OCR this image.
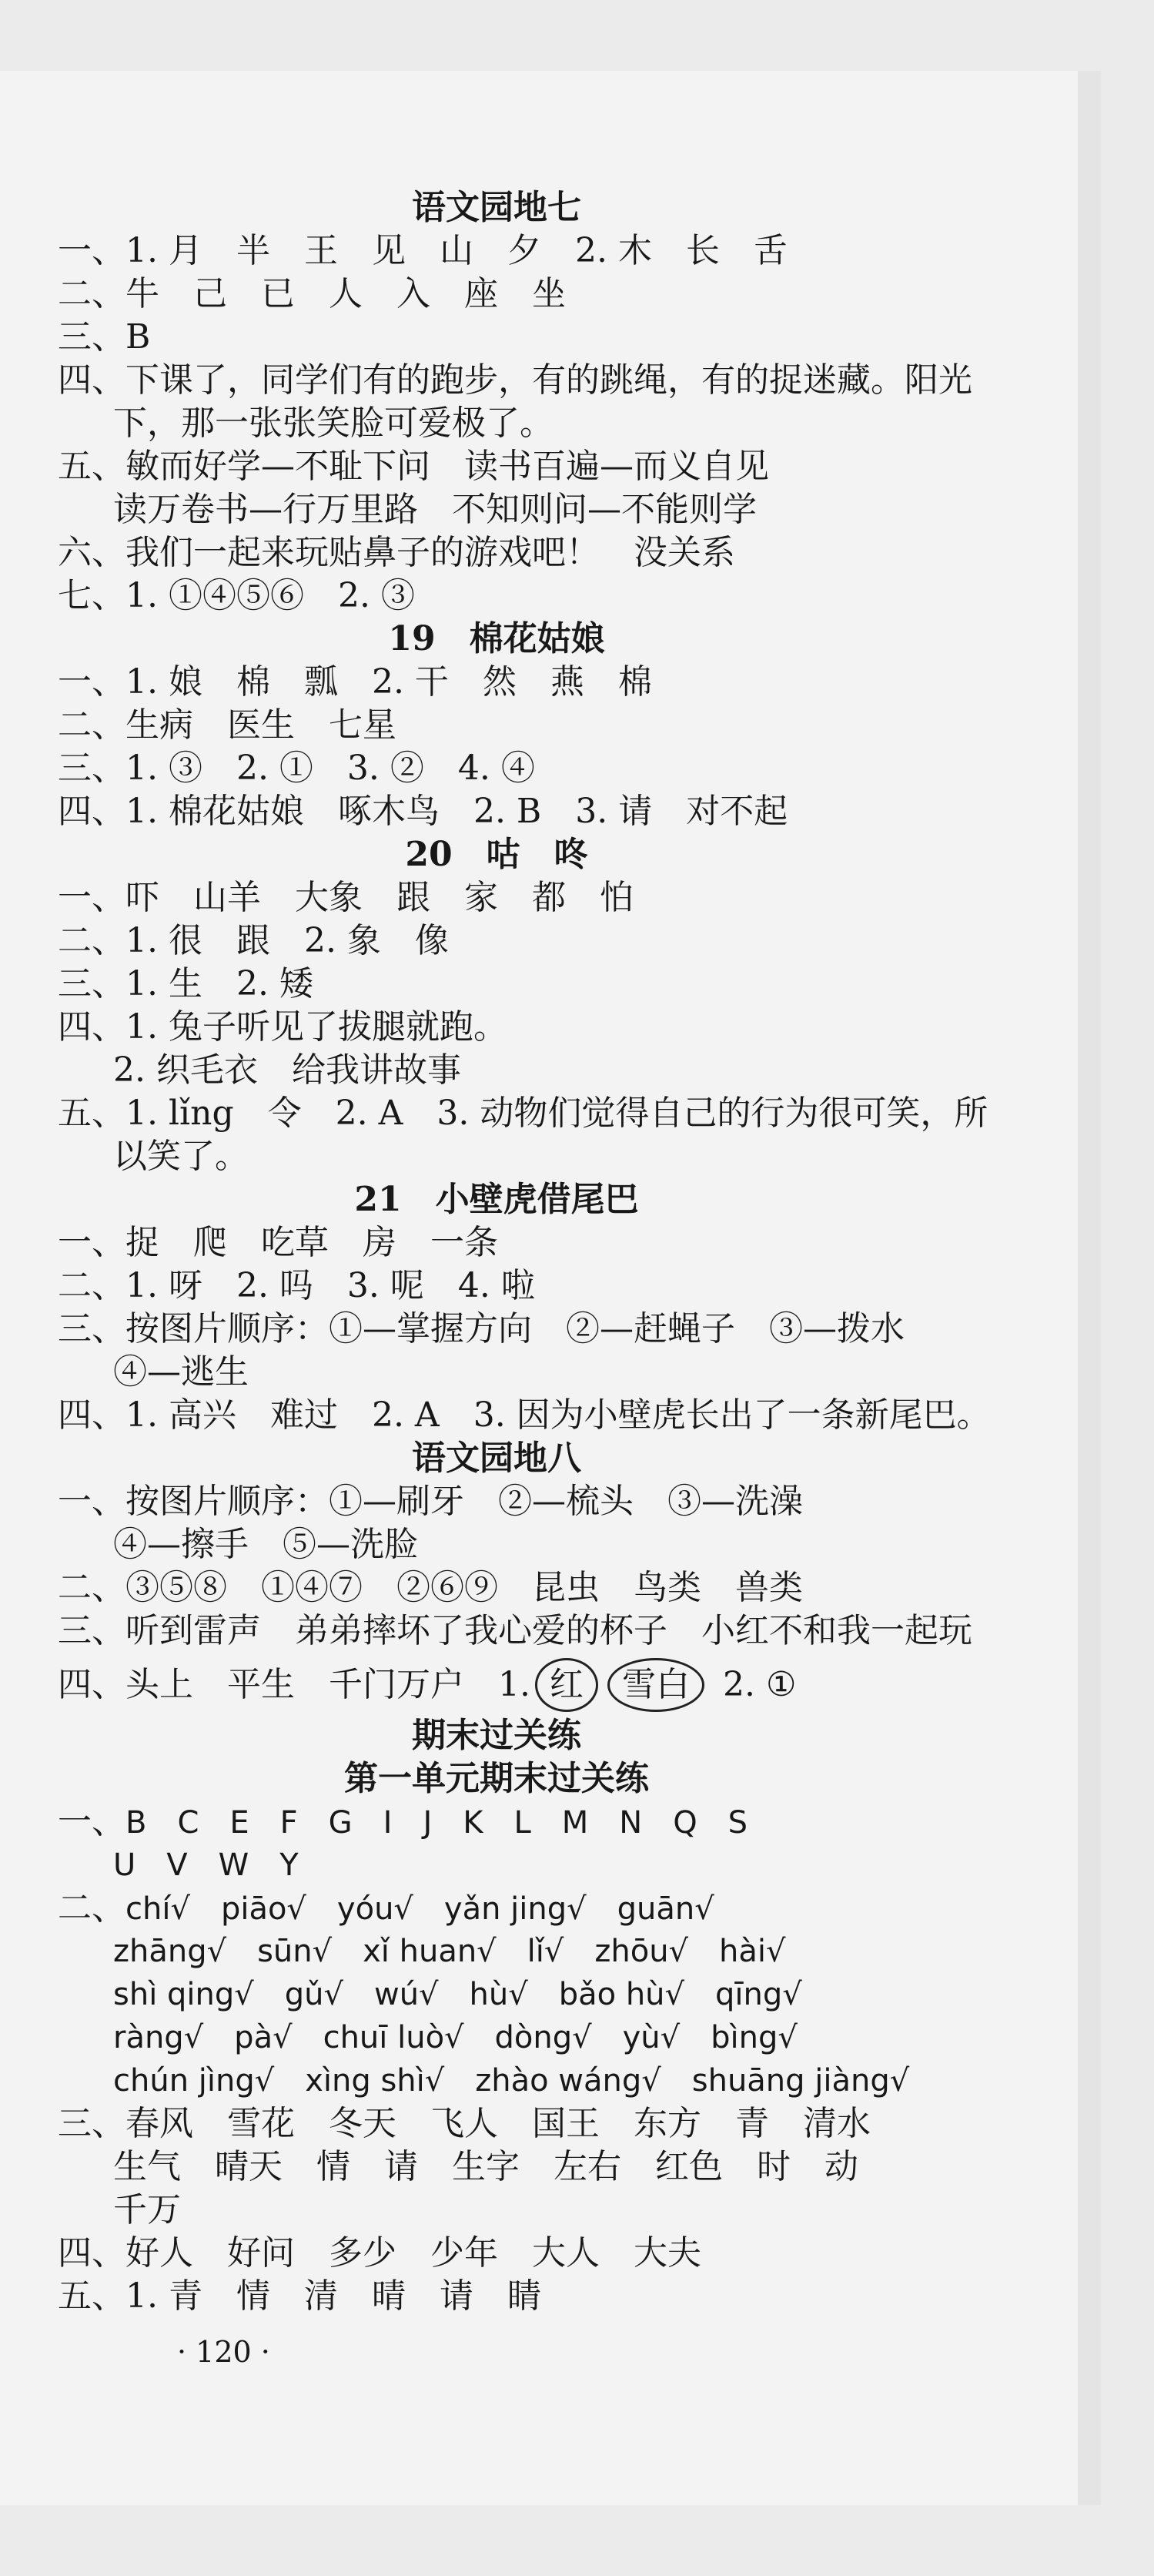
语文园地七
一、1. 月　半　王　见　山　夕　2. 木　长　舌
二、牛　己　已　人　入　座　坐
三、B
四、下课了，同学们有的跑步，有的跳绳，有的捉迷藏。阳光
下，那一张张笑脸可爱极了。
五、敏而好学—不耻下问　读书百遍—而义自见
读万卷书—行万里路　不知则问—不能则学
六、我们一起来玩贴鼻子的游戏吧！　没关系
七、1. ①④⑤⑥　2. ③
19　棉花姑娘
一、1. 娘　棉　瓢　2. 干　然　燕　棉
二、生病　医生　七星
三、1. ③　2. ①　3. ②　4. ④
四、1. 棉花姑娘　啄木鸟　2. B　3. 请　对不起
20　咕　咚
一、吓　山羊　大象　跟　家　都　怕
二、1. 很　跟　2. 象　像
三、1. 生　2. 矮
四、1. 兔子听见了拔腿就跑。
2. 织毛衣　给我讲故事
五、1. lǐng　令　2. A　3. 动物们觉得自己的行为很可笑，所
以笑了。
21　小壁虎借尾巴
一、捉　爬　吃草　房　一条
二、1. 呀　2. 吗　3. 呢　4. 啦
三、按图片顺序：①—掌握方向　②—赶蝇子　③—拨水
④—逃生
四、1. 高兴　难过　2. A　3. 因为小壁虎长出了一条新尾巴。
语文园地八
一、按图片顺序：①—刷牙　②—梳头　③—洗澡
④—擦手　⑤—洗脸
二、③⑤⑧　①④⑦　②⑥⑨　昆虫　鸟类　兽类
三、听到雷声　弟弟摔坏了我心爱的杯子　小红不和我一起玩
四、头上　平生　千门万户　1. 红 雪白 2. ①
期末过关练
第一单元期末过关练
一、B　C　E　F　G　I　J　K　L　M　N　Q　S
U　V　W　Y
二、chí√　piāo√　yóu√　yǎn jing√　guān√
zhāng√　sūn√　xǐ huan√　lǐ√　zhōu√　hài√
shì qing√　gǔ√　wú√　hù√　bǎo hù√　qīng√
ràng√　pà√　chuī luò√　dòng√　yù√　bìng√
chún jìng√　xìng shì√　zhào wáng√　shuāng jiàng√
三、春风　雪花　冬天　飞人　国王　东方　青　清水
生气　晴天　情　请　生字　左右　红色　时　动
千万
四、好人　好问　多少　少年　大人　大夫
五、1. 青　情　清　晴　请　睛
· 120 ·
